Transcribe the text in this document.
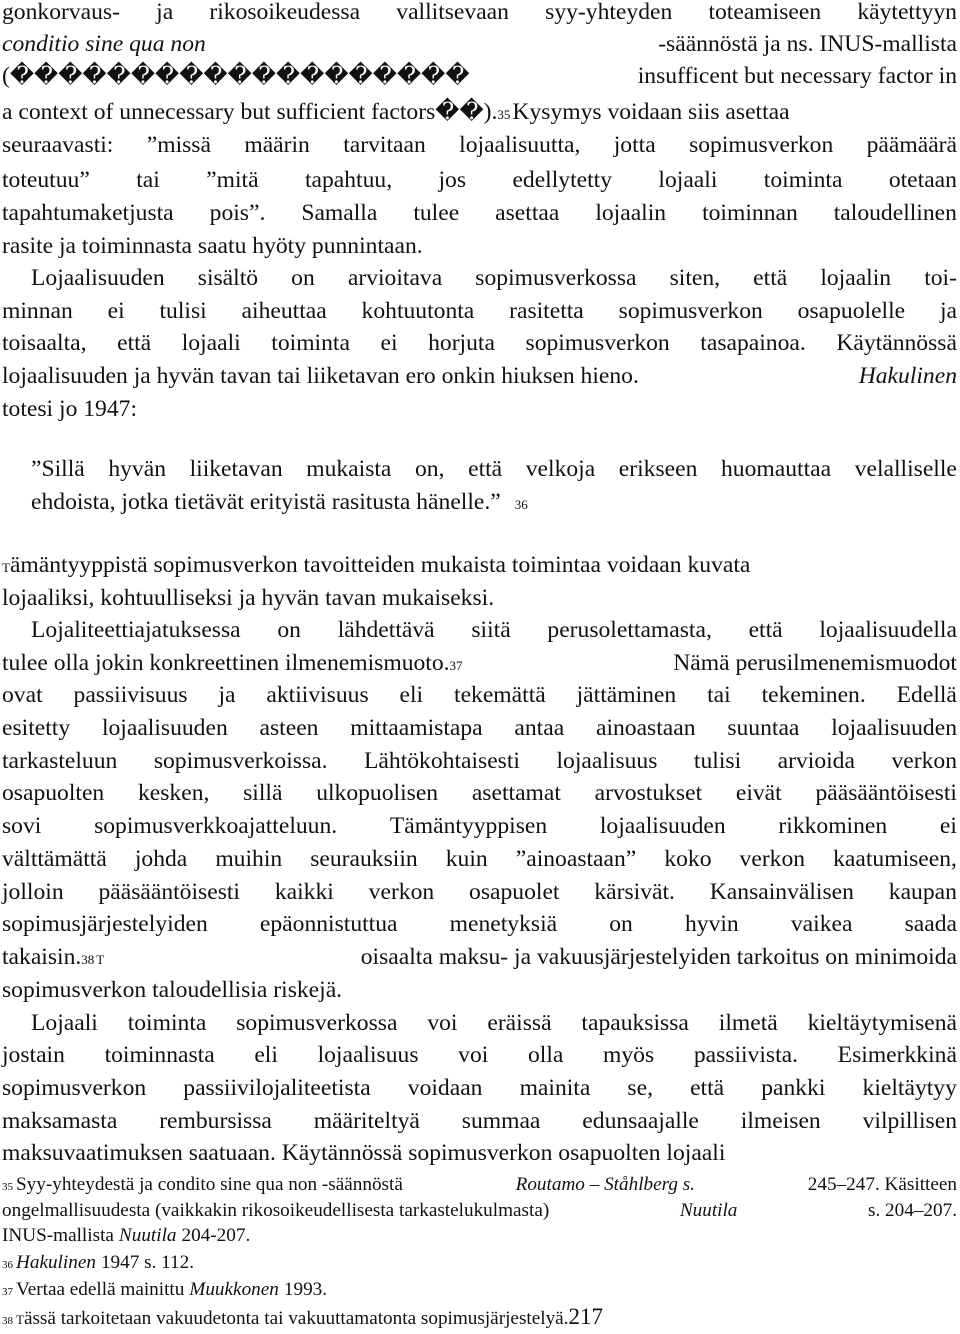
gonkorvaus- ja rikosoikeudessa vallitsevaan syy-yhteyden toteamiseen käytettyyn
conditio sine qua non	-säännöstä ja ns. INUS-mallista
(�������������������	insufficent but necessary factor in
a context of unnecessary but sufficient factors��).35Kysymys voidaan siis asettaa
seuraavasti: ”missä määrin tarvitaan lojaalisuutta, jotta sopimusverkon päämäärä
toteutuu” tai ”mitä tapahtuu, jos edellytetty lojaali toiminta otetaan
tapahtumaketjusta pois”. Samalla tulee asettaa lojaalin toiminnan taloudellinen
rasite ja toiminnasta saatu hyöty punnintaan.
Lojaalisuuden sisältö on arvioitava sopimusverkossa siten, että lojaalin toi-
minnan ei tulisi aiheuttaa kohtuutonta rasitetta sopimusverkon osapuolelle ja
toisaalta, että lojaali toiminta ei horjuta sopimusverkon tasapainoa. Käytännössä
lojaalisuuden ja hyvän tavan tai liiketavan ero onkin hiuksen hieno.	Hakulinen
totesi jo 1947:
”Sillä hyvän liiketavan mukaista on, että velkoja erikseen huomauttaa velalliselle
ehdoista, jotka tietävät erityistä rasitusta hänelle.” 36
Tämäntyyppistä sopimusverkon tavoitteiden mukaista toimintaa voidaan kuvata
lojaaliksi, kohtuulliseksi ja hyvän tavan mukaiseksi.
Lojaliteettiajatuksessa on lähdettävä siitä perusolettamasta, että lojaalisuudella
tulee olla jokin konkreettinen ilmenemismuoto.37	Nämä perusilmenemismuodot
ovat passiivisuus ja aktiivisuus eli tekemättä jättäminen tai tekeminen. Edellä
esitetty lojaalisuuden asteen mittaamistapa antaa ainoastaan suuntaa lojaalisuuden
tarkasteluun sopimusverkoissa. Lähtökohtaisesti lojaalisuus tulisi arvioida verkon
osapuolten kesken, sillä ulkopuolisen asettamat arvostukset eivät pääsääntöisesti
sovi sopimusverkkoajatteluun. Tämäntyyppisen lojaalisuuden rikkominen ei
välttämättä johda muihin seurauksiin kuin ”ainoastaan” koko verkon kaatumiseen,
jolloin pääsääntöisesti kaikki verkon osapuolet kärsivät. Kansainvälisen kaupan
sopimusjärjestelyiden epäonnistuttua menetyksiä on hyvin vaikea saada
takaisin.38 T	oisaalta maksu- ja vakuusjärjestelyiden tarkoitus on minimoida
sopimusverkon taloudellisia riskejä.
Lojaali toiminta sopimusverkossa voi eräissä tapauksissa ilmetä kieltäytymisenä
jostain toiminnasta eli lojaalisuus voi olla myös passiivista. Esimerkkinä
sopimusverkon passiivilojaliteetista voidaan mainita se, että pankki kieltäytyy
maksamasta rembursissa määriteltyä summaa edunsaajalle ilmeisen vilpillisen
maksuvaatimuksen saatuaan. Käytännössä sopimusverkon osapuolten lojaali
35 Syy-yhteydestä ja condito sine qua non -säännöstä	Routamo – Ståhlberg s.	245–247. Käsitteen
ongelmallisuudesta (vaikkakin rikosoikeudellisesta tarkastelukulmasta)	Nuutila	s. 204–207.
INUS-mallista Nuutila 204-207.
36 Hakulinen 1947 s. 112.
37 Vertaa edellä mainittu Muukkonen 1993.
38 Tässä tarkoitetaan vakuudetonta tai vakuuttamatonta sopimusjärjestelyä.217
